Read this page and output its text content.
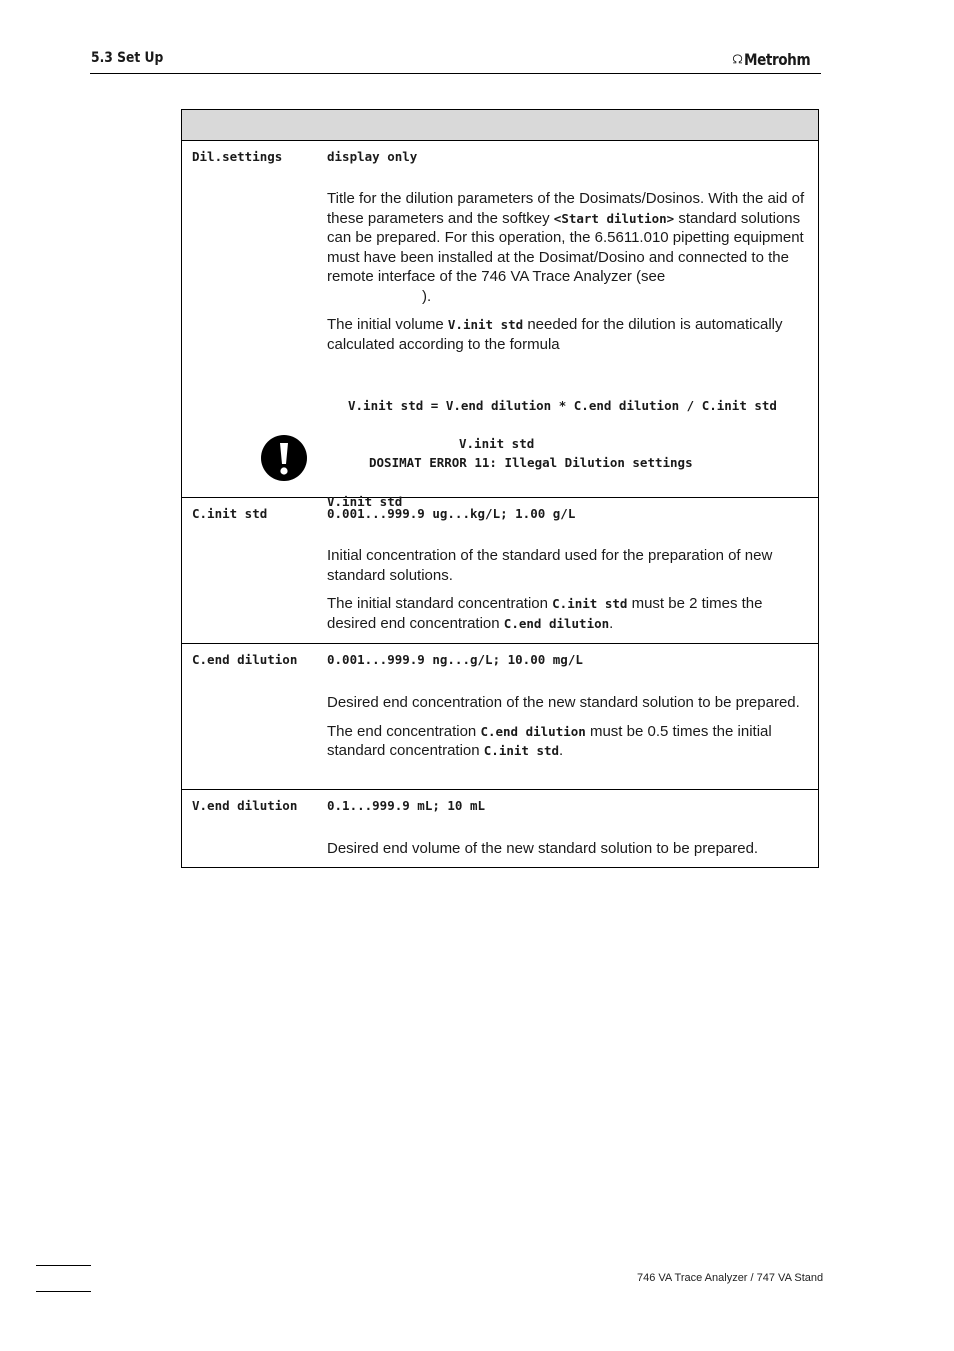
5.3 Set Up	Metrohm
Dil.settings	display only

Title for the dilution parameters of the Dosimats/Dosinos. With the aid of these parameters and the softkey <Start dilution> standard solutions can be prepared. For this operation, the 6.5611.010 pipetting equipment must have been installed at the Dosimat/Dosino and connected to the remote interface of the 746 VA Trace Analyzer (see
).

The initial volume V.init std needed for the dilution is automatically calculated according to the formula

V.init std = V.end dilution * C.end dilution / C.init std
V.init std
DOSIMAT ERROR 11: Illegal Dilution settings
V.init std
C.init std	0.001...999.9 ug...kg/L; 1.00 g/L

Initial concentration of the standard used for the preparation of new standard solutions.

The initial standard concentration C.init std must be 2 times the desired end concentration C.end dilution.

C.end dilution 0.001...999.9 ng...g/L; 10.00 mg/L

Desired end concentration of the new standard solution to be prepared.

The end concentration C.end dilution must be 0.5 times the initial standard concentration C.init std.

V.end dilution 0.1...999.9 mL; 10 mL

Desired end volume of the new standard solution to be prepared.

746 VA Trace Analyzer / 747 VA Stand
